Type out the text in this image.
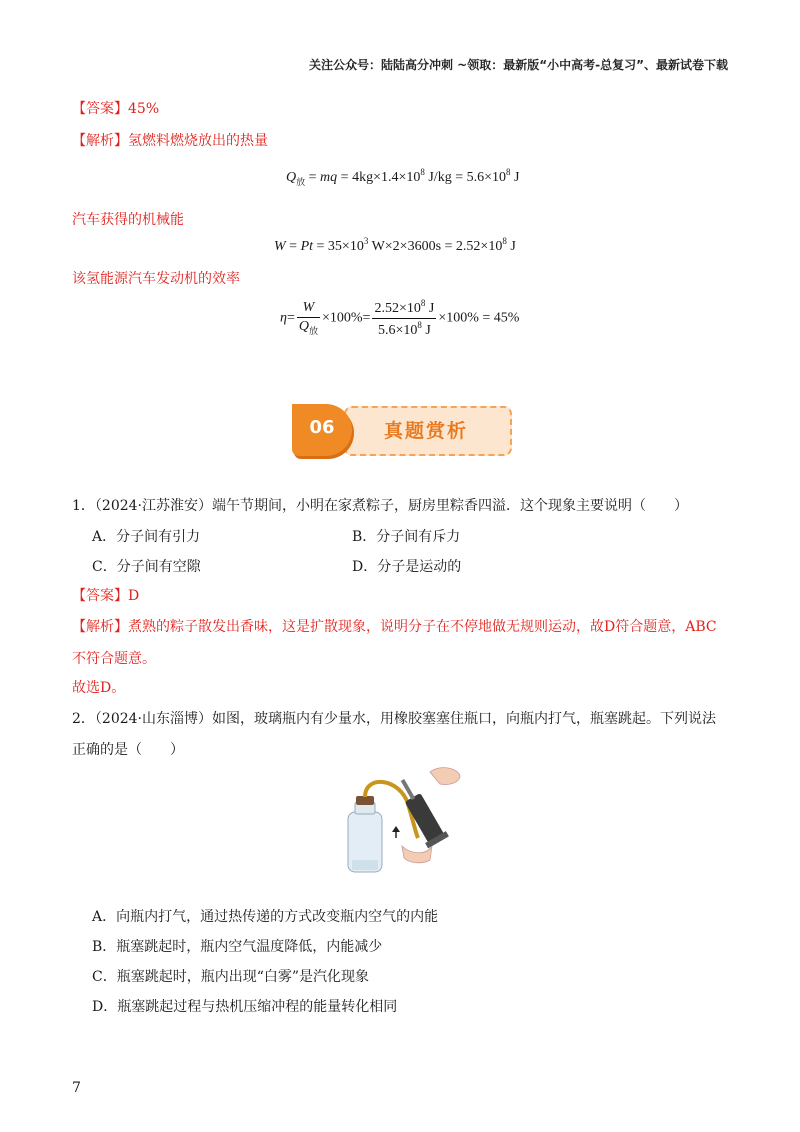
关注公众号：陆陆高分冲刺 ~领取：最新版“小中高考-总复习”、最新试卷下载
【答案】45%
【解析】氢燃料燃烧放出的热量
$Q_放$ = mq = $4kg\times 1.4\times 10^8$ $J/kg = 5.6\times 10^8$ J
汽车获得的机械能
$W = Pt = 35\times 10^3$ $W\times 2\times 3600s = 2.52\times 10^8$ J
该氢能源汽车发动机的效率
$\eta= \frac{W}{Q_放} \times 100\%= \frac{2.52\times 10^8 J}{5.6\times 10^8 J} \times 100\% = 45\%$
真题赏析
06
1．（2024·江苏淮安）端午节期间，小明在家煮粽子，厨房里粽香四溢．这个现象主要说明（　　）
A．分子间有引力	B．分子间有斥力
C．分子间有空隙	D．分子是运动的
【答案】D
【解析】煮熟的粽子散发出香味，这是扩散现象，说明分子在不停地做无规则运动，故D符合题意，ABC
不符合题意。
故选D。
2．（2024·山东淄博）如图，玻璃瓶内有少量水，用橡胶塞塞住瓶口，向瓶内打气，瓶塞跳起。下列说法
正确的是（　　）
A．向瓶内打气，通过热传递的方式改变瓶内空气的内能
B．瓶塞跳起时，瓶内空气温度降低，内能减少
C．瓶塞跳起时，瓶内出现“白雾”是汽化现象
D．瓶塞跳起过程与热机压缩冲程的能量转化相同
7
